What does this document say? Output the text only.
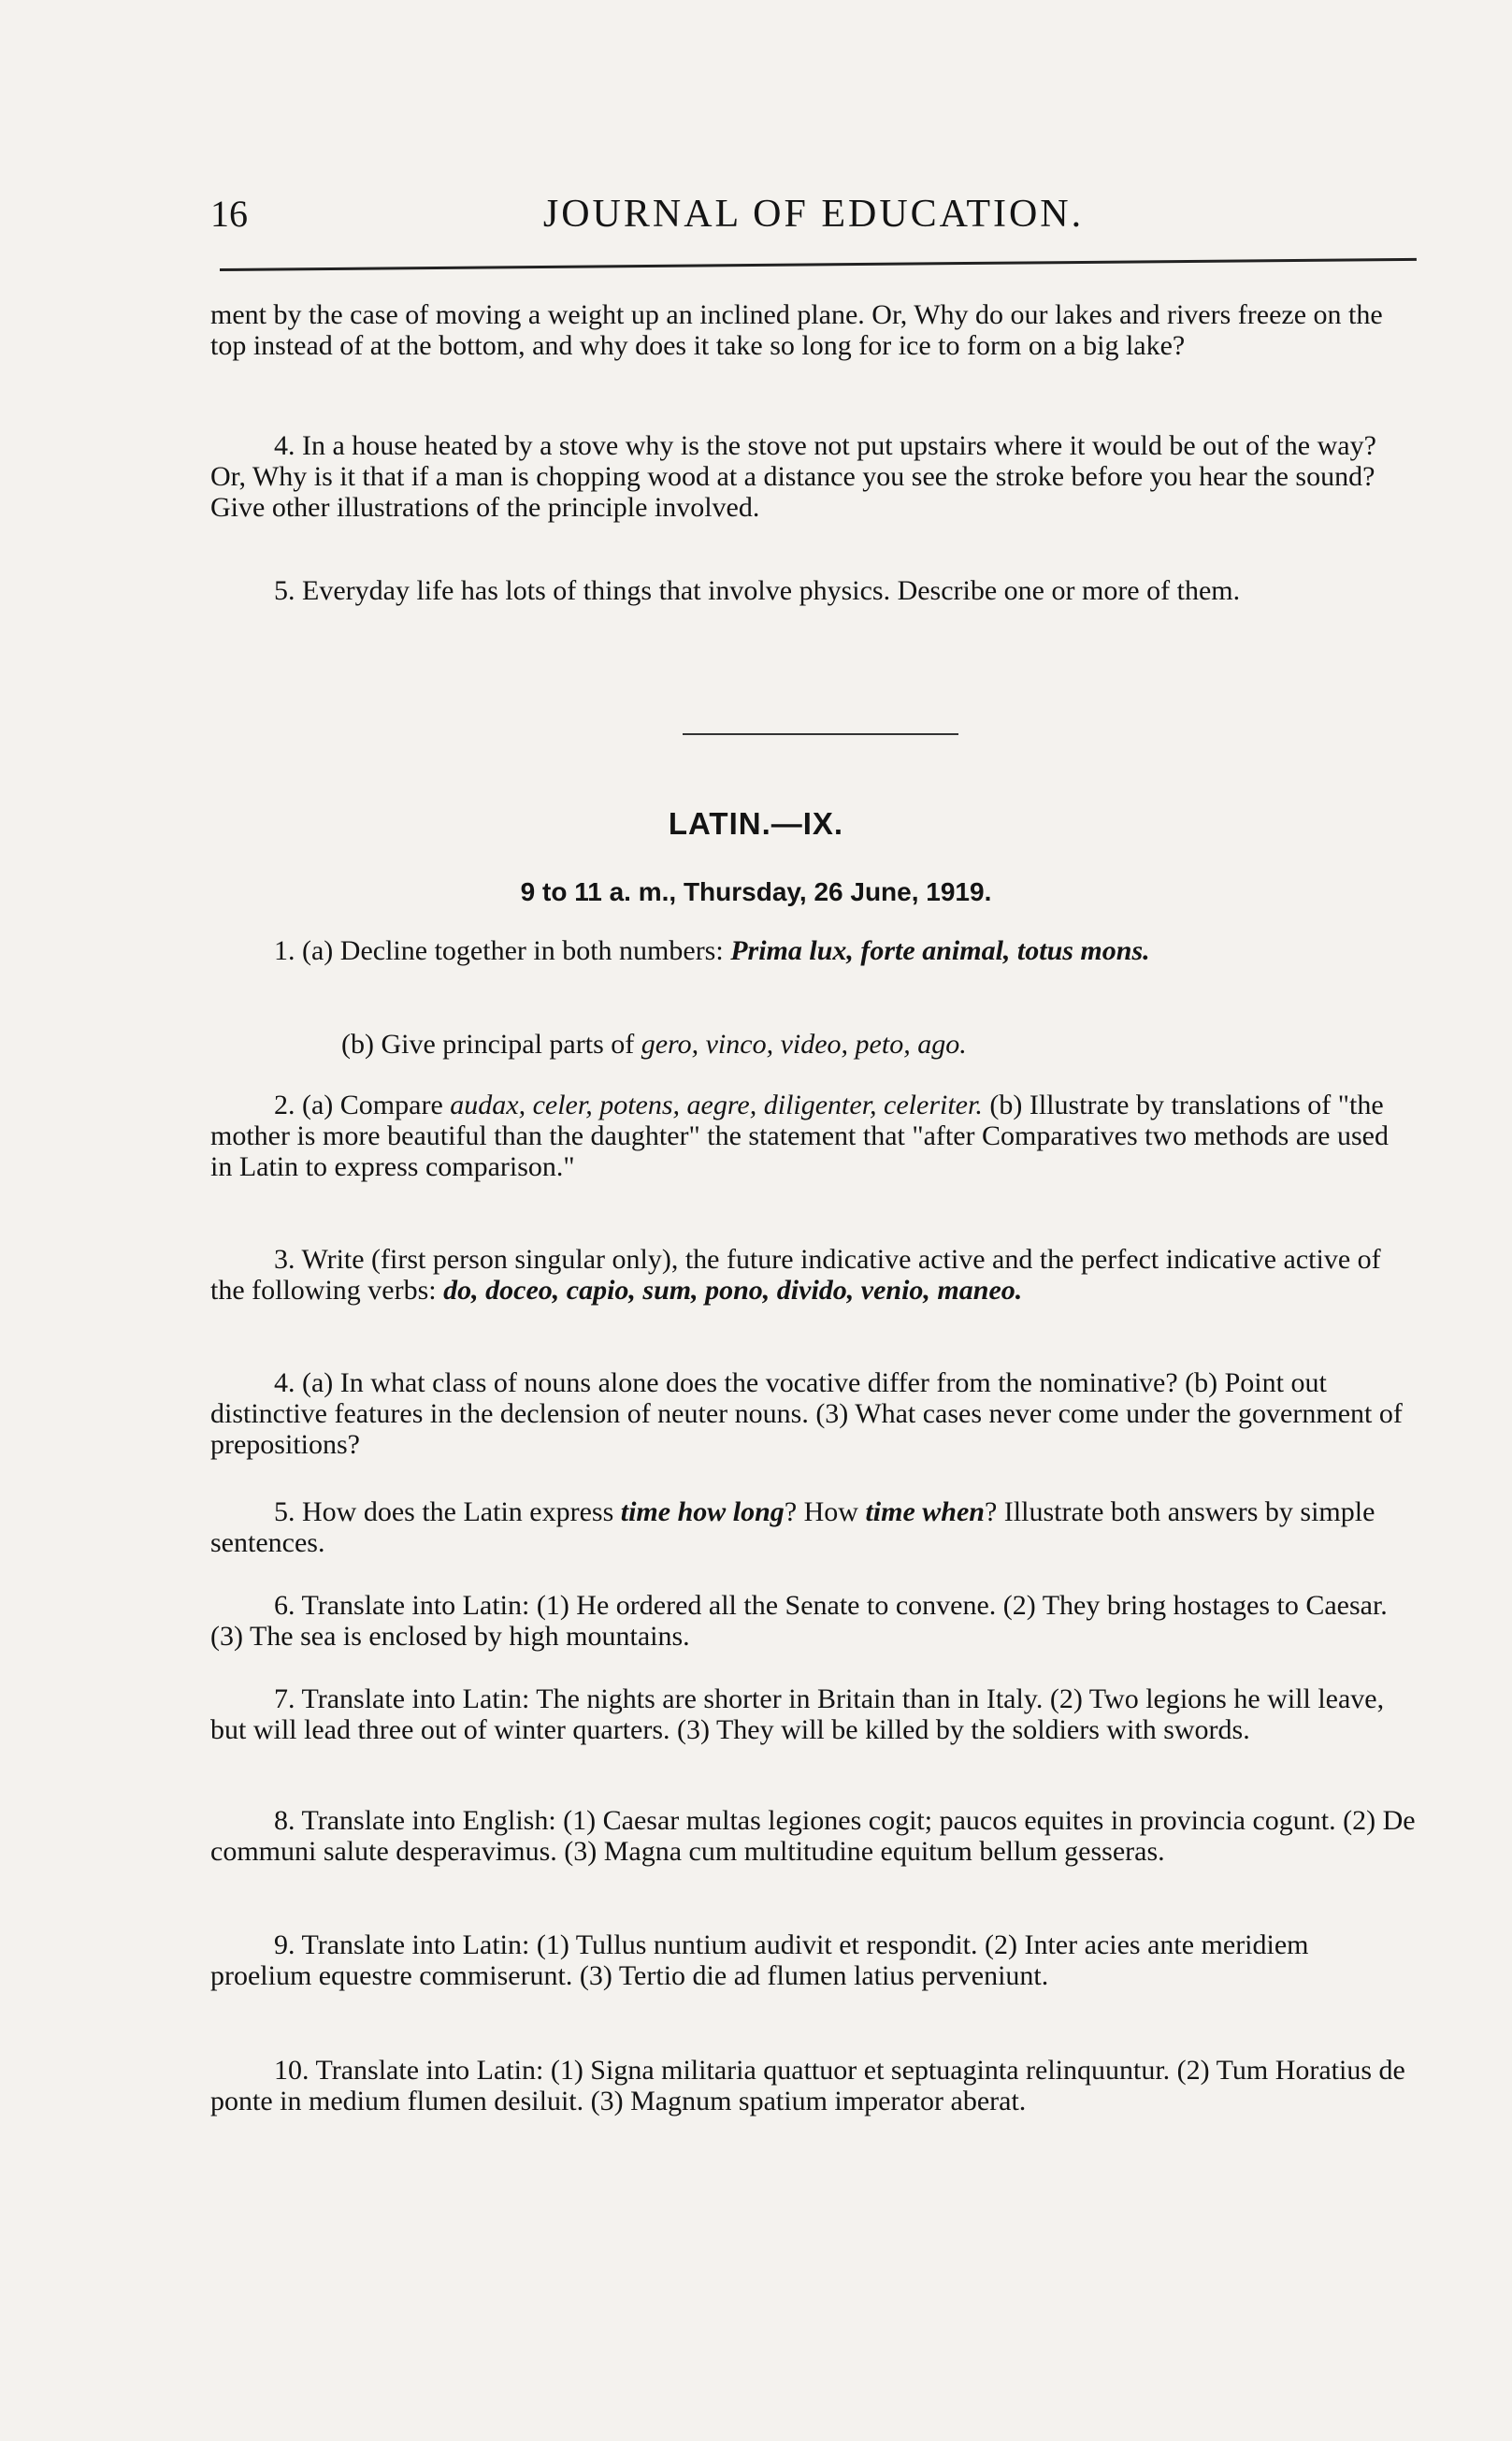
16	JOURNAL OF EDUCATION.

ment by the case of moving a weight up an inclined plane. Or, Why do our lakes and rivers freeze on the top instead of at the bottom, and why does it take so long for ice to form on a big lake?

4. In a house heated by a stove why is the stove not put upstairs where it would be out of the way? Or, Why is it that if a man is chopping wood at a distance you see the stroke before you hear the sound? Give other illustrations of the principle involved.

5. Everyday life has lots of things that involve physics. Describe one or more of them.

LATIN.—IX.
9 to 11 a. m., Thursday, 26 June, 1919.

1. (a) Decline together in both numbers: Prima lux, forte animal, totus mons.

(b) Give principal parts of gero, vinco, video, peto, ago.

2. (a) Compare audax, celer, potens, aegre, diligenter, celeriter. (b) Illustrate by translations of "the mother is more beautiful than the daughter" the statement that "after Comparatives two methods are used in Latin to express comparison."

3. Write (first person singular only), the future indicative active and the perfect indicative active of the following verbs: do, doceo, capio, sum, pono, divido, venio, maneo.

4. (a) In what class of nouns alone does the vocative differ from the nominative? (b) Point out distinctive features in the declension of neuter nouns. (3) What cases never come under the government of prepositions?

5. How does the Latin express time how long? How time when? Illustrate both answers by simple sentences.

6. Translate into Latin: (1) He ordered all the Senate to convene. (2) They bring hostages to Caesar. (3) The sea is enclosed by high mountains.

7. Translate into Latin: The nights are shorter in Britain than in Italy. (2) Two legions he will leave, but will lead three out of winter quarters. (3) They will be killed by the soldiers with swords.

8. Translate into English: (1) Caesar multas legiones cogit; paucos equites in provincia cogunt. (2) De communi salute desperavimus. (3) Magna cum multitudine equitum bellum gesseras.

9. Translate into Latin: (1) Tullus nuntium audivit et respondit. (2) Inter acies ante meridiem proelium equestre commiserunt. (3) Tertio die ad flumen latius perveniunt.

10. Translate into Latin: (1) Signa militaria quattuor et septuaginta relinquuntur. (2) Tum Horatius de ponte in medium flumen desiluit. (3) Magnum spatium imperator aberat.
